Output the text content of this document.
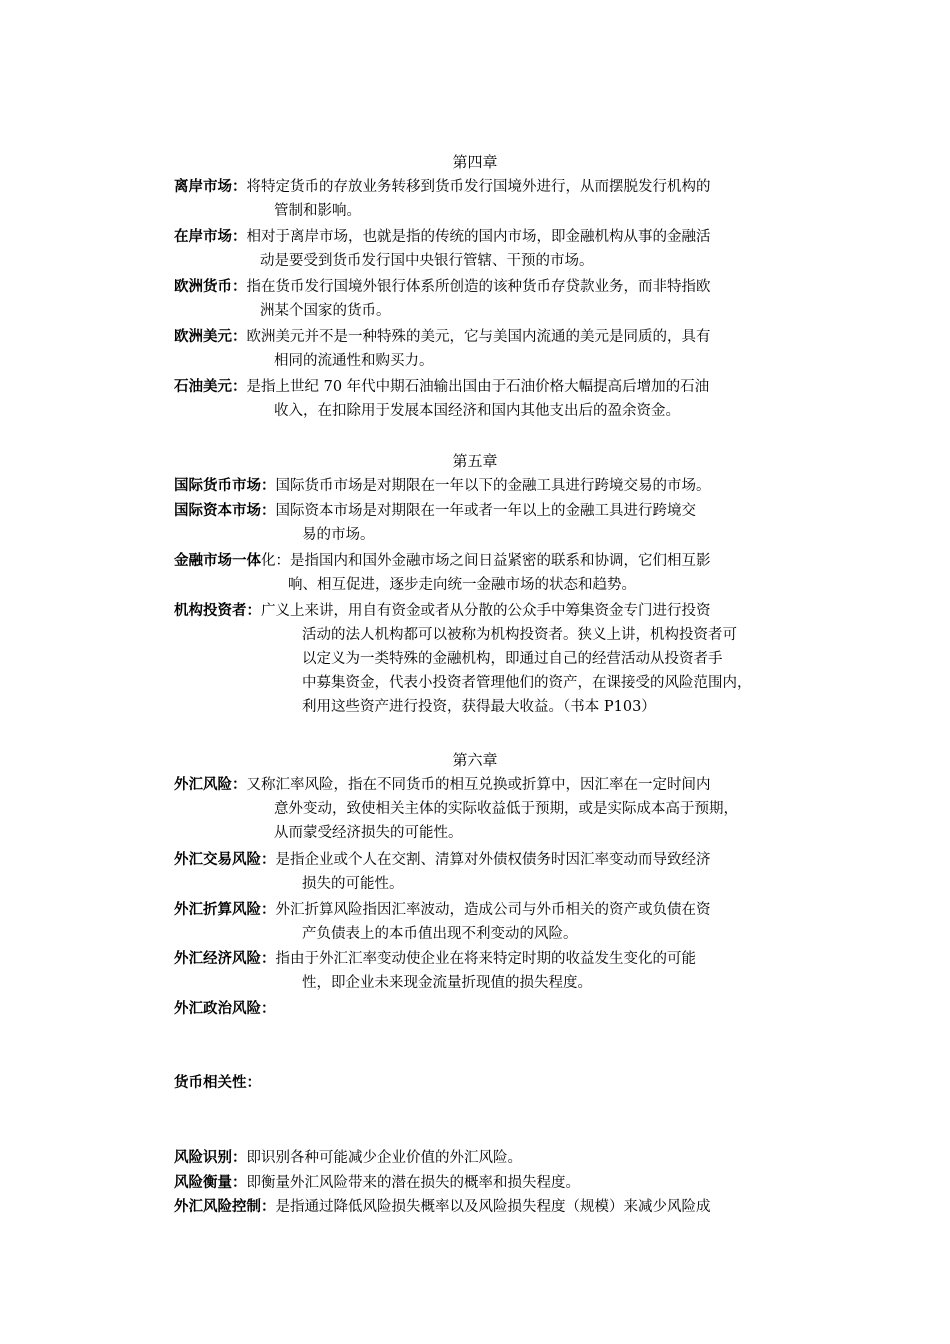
第四章
离岸市场：将特定货币的存放业务转移到货币发行国境外进行，从而摆脱发行机构的
管制和影响。
在岸市场：相对于离岸市场，也就是指的传统的国内市场，即金融机构从事的金融活
动是要受到货币发行国中央银行管辖、干预的市场。
欧洲货币：指在货币发行国境外银行体系所创造的该种货币存贷款业务，而非特指欧
洲某个国家的货币。
欧洲美元：欧洲美元并不是一种特殊的美元，它与美国内流通的美元是同质的，具有
相同的流通性和购买力。
石油美元：是指上世纪 70 年代中期石油输出国由于石油价格大幅提高后增加的石油
收入，在扣除用于发展本国经济和国内其他支出后的盈余资金。
第五章
国际货币市场：国际货币市场是对期限在一年以下的金融工具进行跨境交易的市场。
国际资本市场：国际资本市场是对期限在一年或者一年以上的金融工具进行跨境交
易的市场。
金融市场一体化：是指国内和国外金融市场之间日益紧密的联系和协调，它们相互影
响、相互促进，逐步走向统一金融市场的状态和趋势。
机构投资者：广义上来讲，用自有资金或者从分散的公众手中筹集资金专门进行投资
活动的法人机构都可以被称为机构投资者。狭义上讲，机构投资者可
以定义为一类特殊的金融机构，即通过自己的经营活动从投资者手
中募集资金，代表小投资者管理他们的资产，在课接受的风险范围内，
利用这些资产进行投资，获得最大收益。（书本 P103）
第六章
外汇风险：又称汇率风险，指在不同货币的相互兑换或折算中，因汇率在一定时间内
意外变动，致使相关主体的实际收益低于预期，或是实际成本高于预期，
从而蒙受经济损失的可能性。
外汇交易风险：是指企业或个人在交割、清算对外债权债务时因汇率变动而导致经济
损失的可能性。
外汇折算风险：外汇折算风险指因汇率波动，造成公司与外币相关的资产或负债在资
产负债表上的本币值出现不利变动的风险。
外汇经济风险：指由于外汇汇率变动使企业在将来特定时期的收益发生变化的可能
性，即企业未来现金流量折现值的损失程度。
外汇政治风险：
货币相关性：
风险识别：即识别各种可能减少企业价值的外汇风险。
风险衡量：即衡量外汇风险带来的潜在损失的概率和损失程度。
外汇风险控制：是指通过降低风险损失概率以及风险损失程度（规模）来减少风险成
